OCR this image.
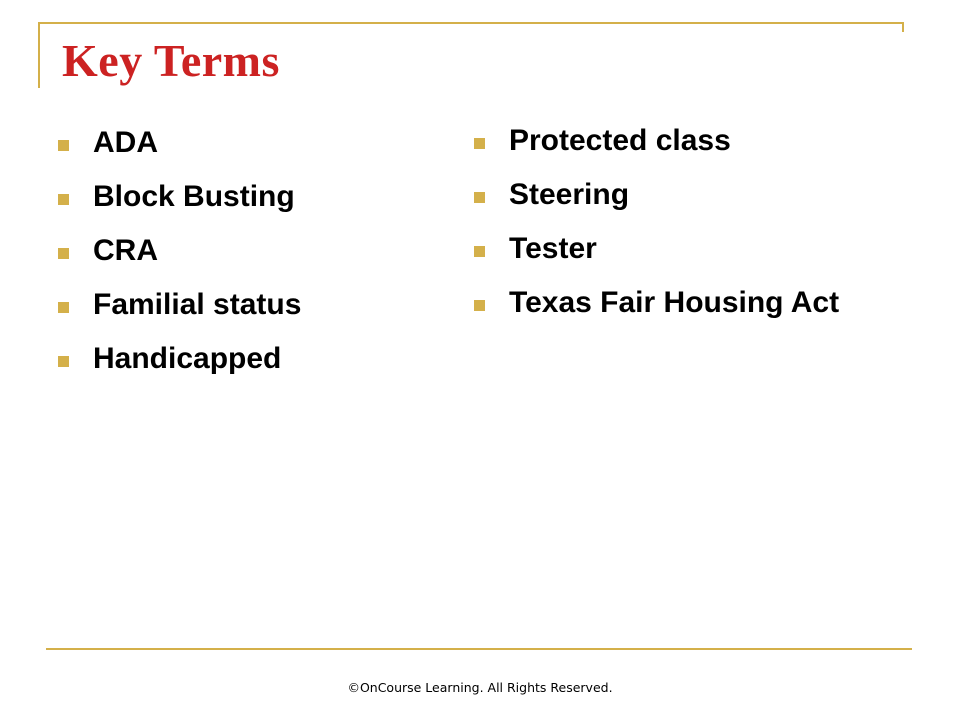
Key Terms
ADA
Block Busting
CRA
Familial status
Handicapped
Protected class
Steering
Tester
Texas Fair Housing Act
©OnCourse Learning. All Rights Reserved.
